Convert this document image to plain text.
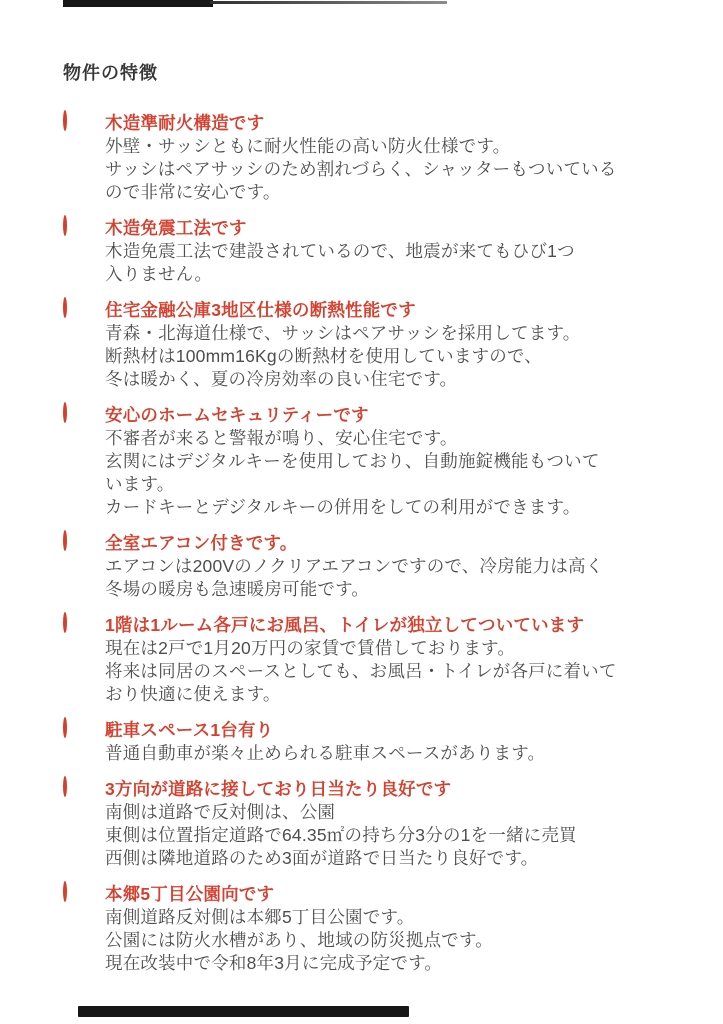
物件の特徴
木造準耐火構造です
外壁・サッシともに耐火性能の高い防火仕様です。
サッシはペアサッシのため割れづらく、シャッターもついている
ので非常に安心です。
木造免震工法です
木造免震工法で建設されているので、地震が来てもひび1つ
入りません。
住宅金融公庫3地区仕様の断熱性能です
青森・北海道仕様で、サッシはペアサッシを採用してます。
断熱材は100mm16Kgの断熱材を使用していますので、
冬は暖かく、夏の冷房効率の良い住宅です。
安心のホームセキュリティーです
不審者が来ると警報が鳴り、安心住宅です。
玄関にはデジタルキーを使用しており、自動施錠機能もついて
います。
カードキーとデジタルキーの併用をしての利用ができます。
全室エアコン付きです。
エアコンは200Vのノクリアエアコンですので、冷房能力は高く
冬場の暖房も急速暖房可能です。
1階は1ルーム各戸にお風呂、トイレが独立してついています
現在は2戸で1月20万円の家賃で賃借しております。
将来は同居のスペースとしても、お風呂・トイレが各戸に着いて
おり快適に使えます。
駐車スペース1台有り
普通自動車が楽々止められる駐車スペースがあります。
3方向が道路に接しており日当たり良好です
南側は道路で反対側は、公園
東側は位置指定道路で64.35㎡の持ち分3分の1を一緒に売買
西側は隣地道路のため3面が道路で日当たり良好です。
本郷5丁目公園向です
南側道路反対側は本郷5丁目公園です。
公園には防火水槽があり、地域の防災拠点です。
現在改装中で令和8年3月に完成予定です。
